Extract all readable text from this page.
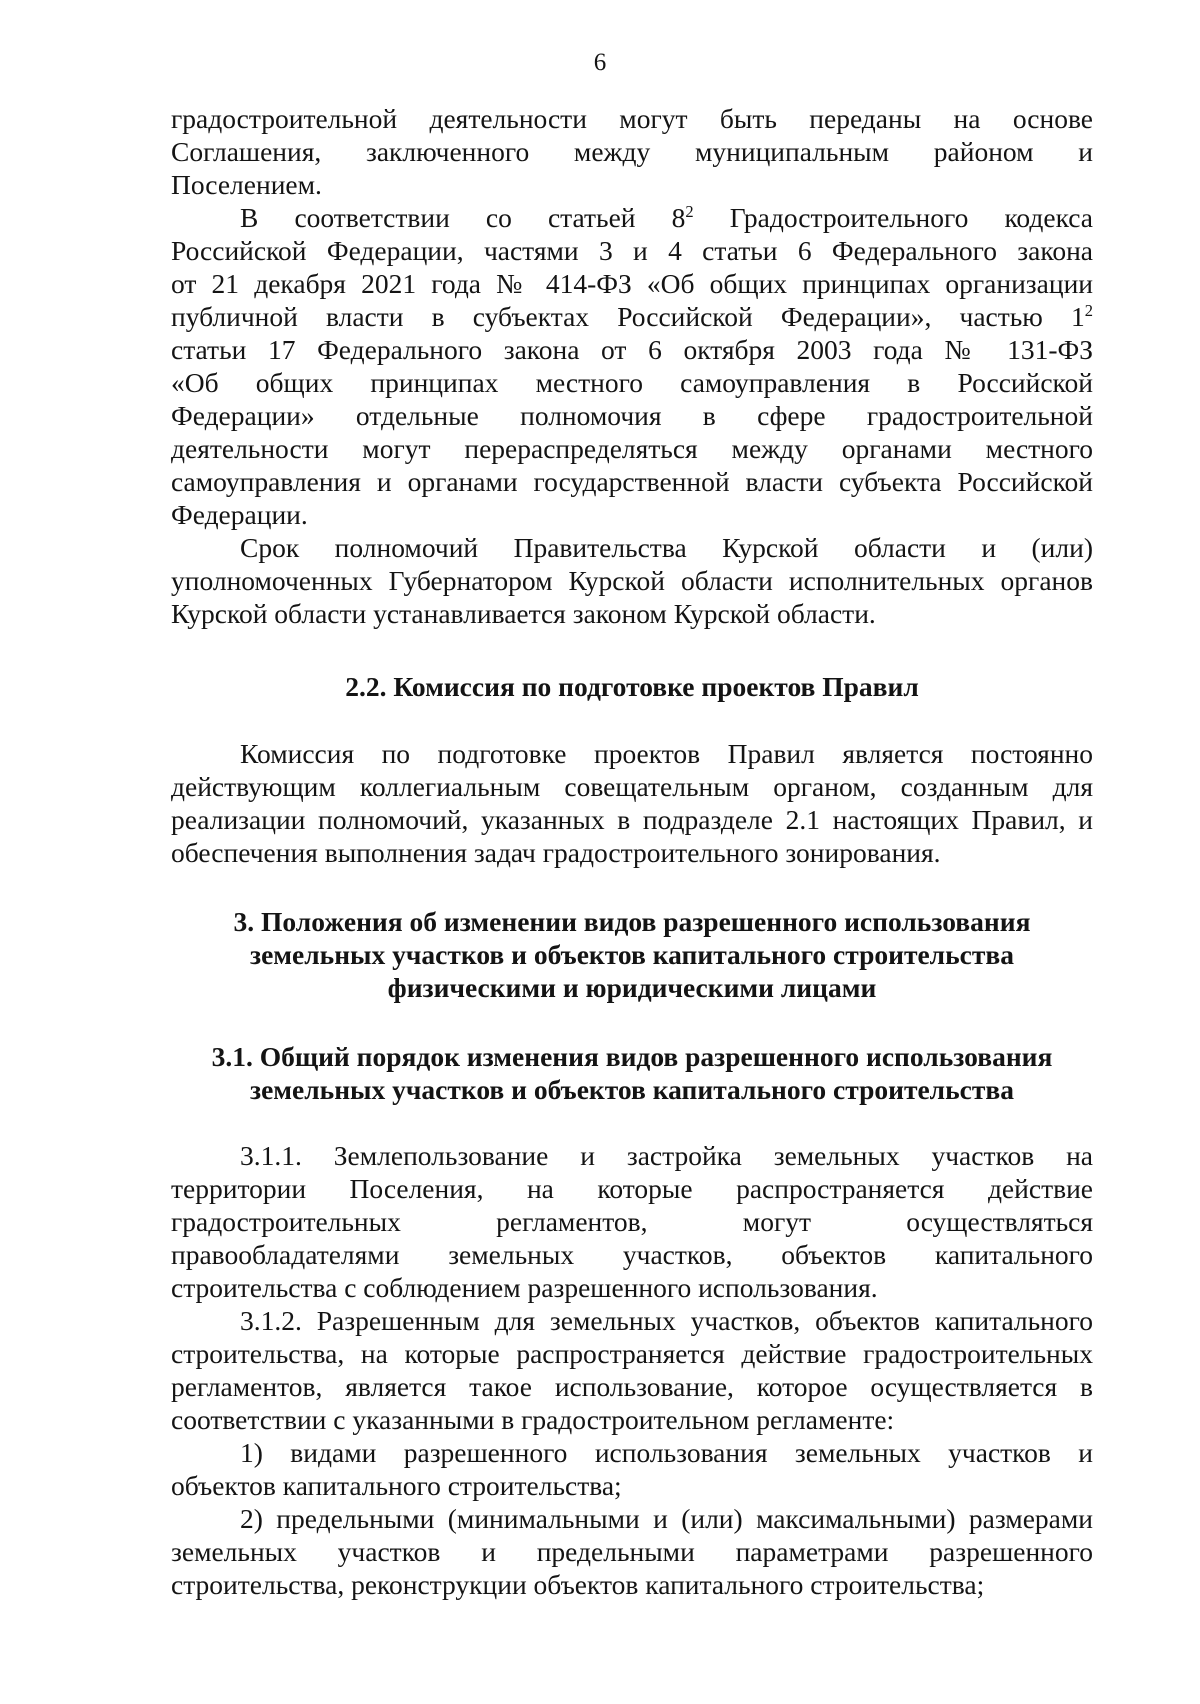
6
градостроительной деятельности могут быть переданы на основе
Соглашения, заключенного между муниципальным районом и
Поселением.
В соответствии со статьей $8^2$ Градостроительного кодекса
Российской Федерации, частями 3 и 4 статьи 6 Федерального закона
от 21 декабря 2021 года № 414-ФЗ «Об общих принципах организации
публичной власти в субъектах Российской Федерации», частью $1^2$
статьи 17 Федерального закона от 6 октября 2003 года № 131-ФЗ
«Об общих принципах местного самоуправления в Российской
Федерации» отдельные полномочия в сфере градостроительной
деятельности могут перераспределяться между органами местного
самоуправления и органами государственной власти субъекта Российской
Федерации.
Срок полномочий Правительства Курской области и (или)
уполномоченных Губернатором Курской области исполнительных органов
Курской области устанавливается законом Курской области.
2.2. Комиссия по подготовке проектов Правил
Комиссия по подготовке проектов Правил является постоянно
действующим коллегиальным совещательным органом, созданным для
реализации полномочий, указанных в подразделе 2.1 настоящих Правил, и
обеспечения выполнения задач градостроительного зонирования.
3. Положения об изменении видов разрешенного использования
земельных участков и объектов капитального строительства
физическими и юридическими лицами
3.1. Общий порядок изменения видов разрешенного использования
земельных участков и объектов капитального строительства
3.1.1. Землепользование и застройка земельных участков на
территории Поселения, на которые распространяется действие
градостроительных регламентов, могут осуществляться
правообладателями земельных участков, объектов капитального
строительства с соблюдением разрешенного использования.
3.1.2. Разрешенным для земельных участков, объектов капитального
строительства, на которые распространяется действие градостроительных
регламентов, является такое использование, которое осуществляется в
соответствии с указанными в градостроительном регламенте:
1) видами разрешенного использования земельных участков и
объектов капитального строительства;
2) предельными (минимальными и (или) максимальными) размерами
земельных участков и предельными параметрами разрешенного
строительства, реконструкции объектов капитального строительства;
